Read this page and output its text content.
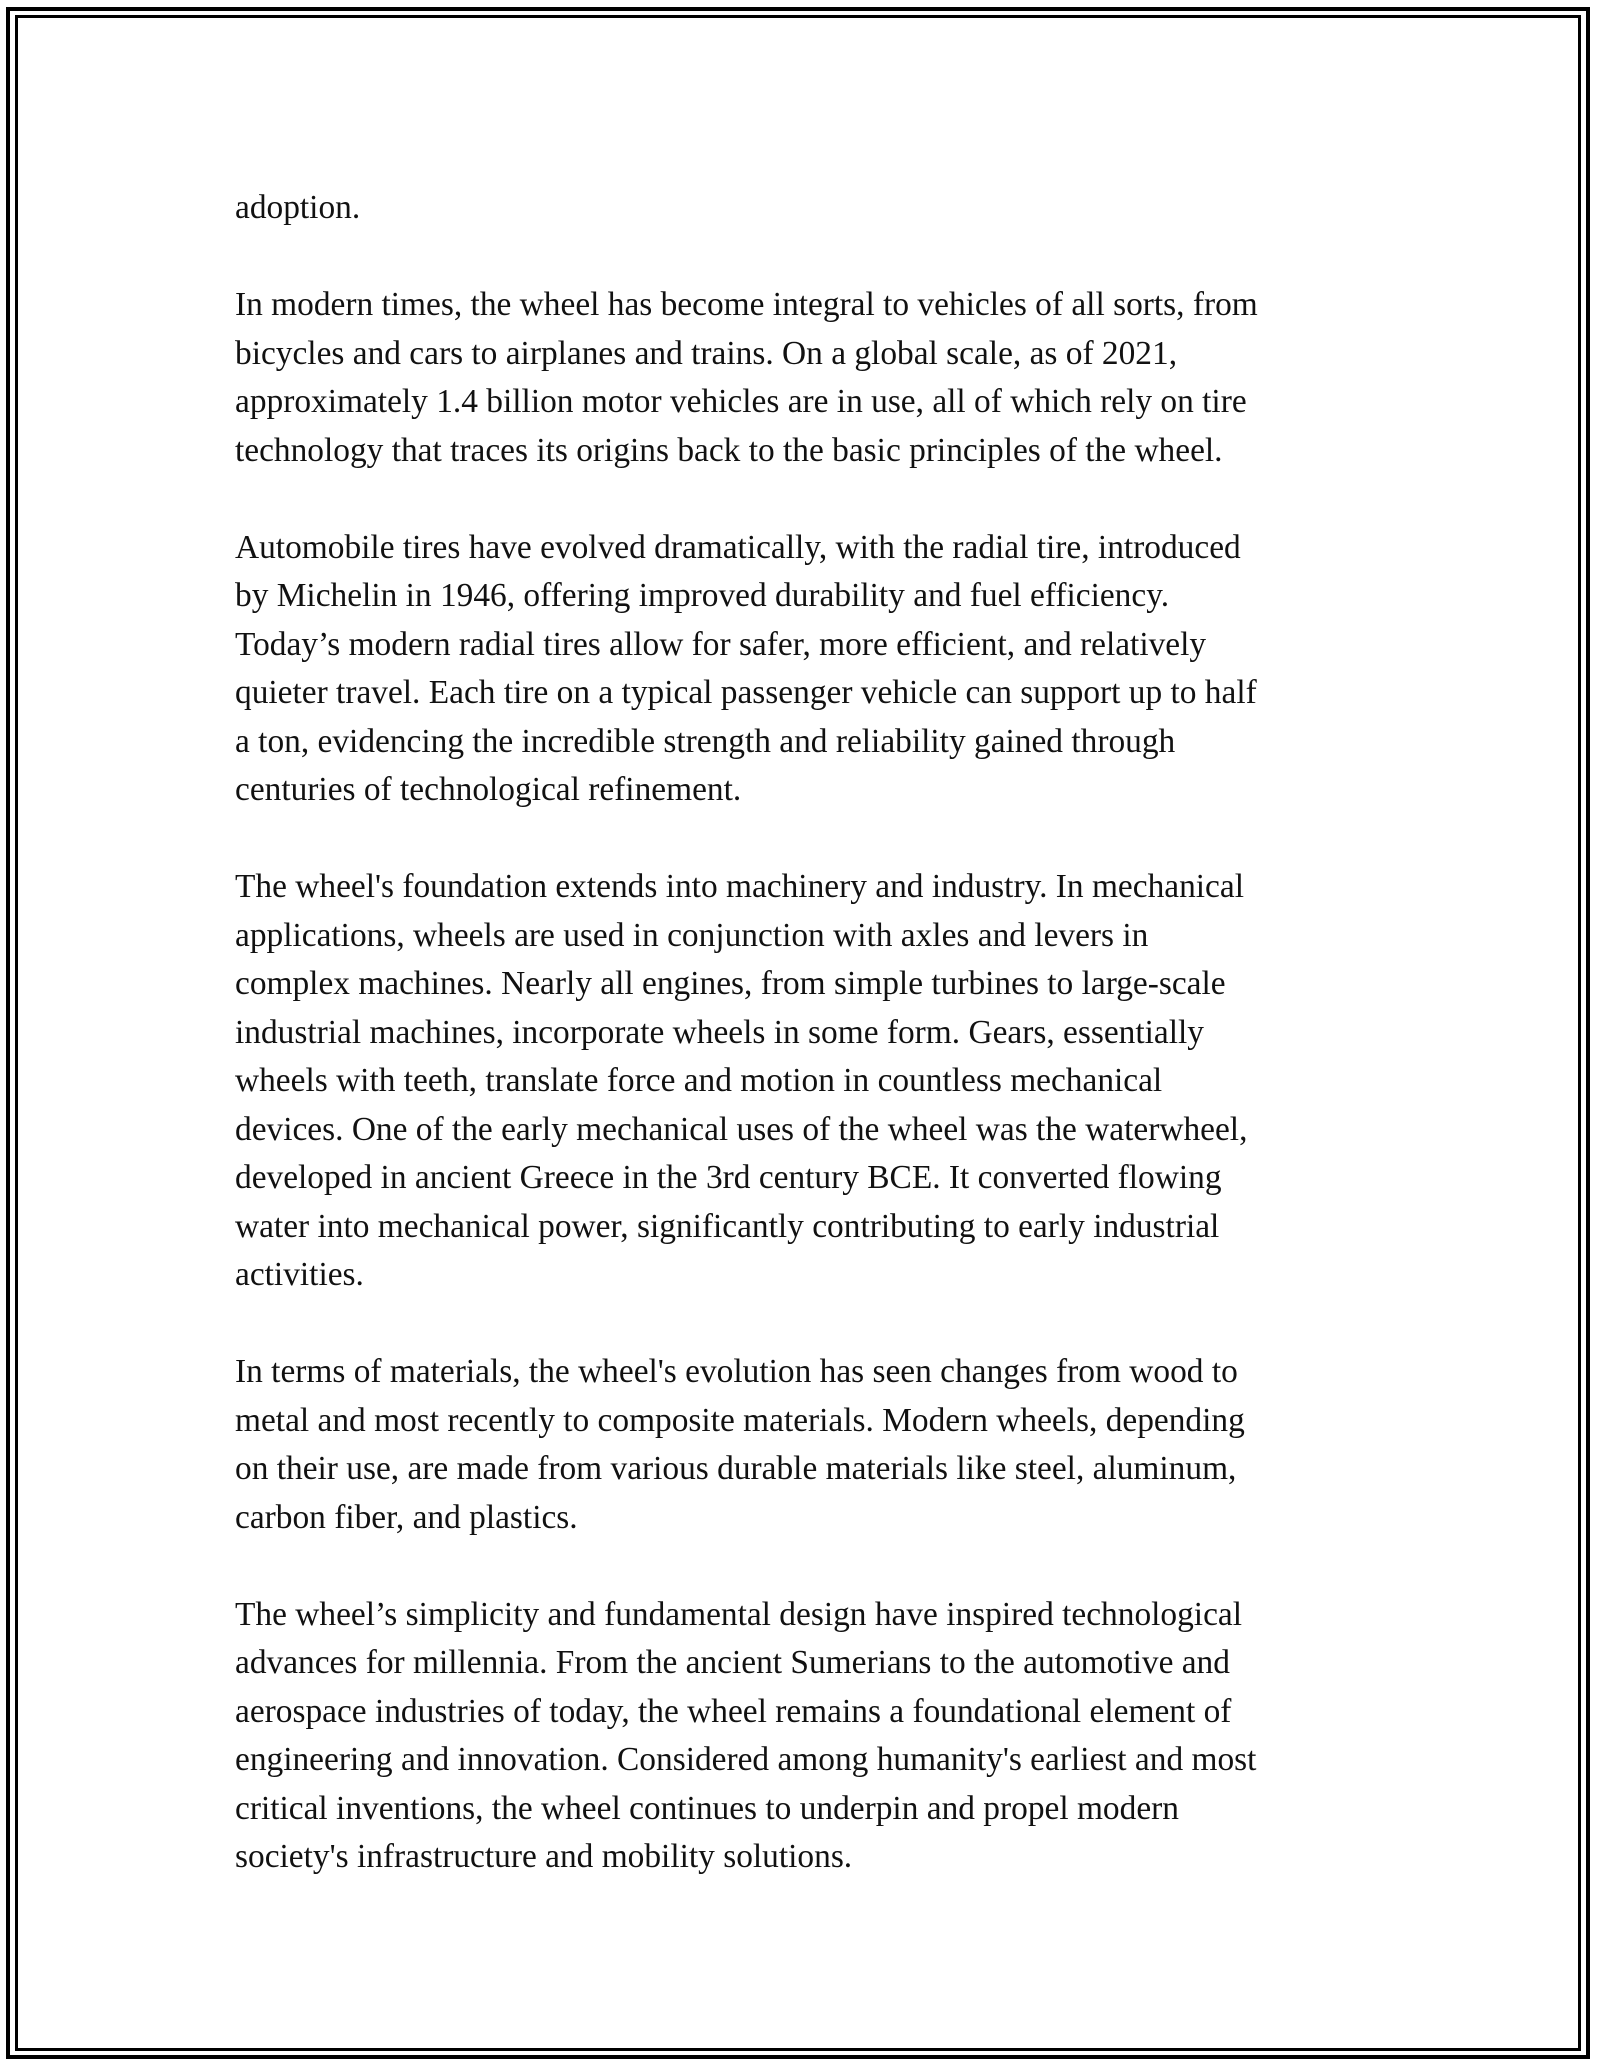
adoption.

In modern times, the wheel has become integral to vehicles of all sorts, from
bicycles and cars to airplanes and trains. On a global scale, as of 2021,
approximately 1.4 billion motor vehicles are in use, all of which rely on tire
technology that traces its origins back to the basic principles of the wheel.

Automobile tires have evolved dramatically, with the radial tire, introduced
by Michelin in 1946, offering improved durability and fuel efficiency.
Today’s modern radial tires allow for safer, more efficient, and relatively
quieter travel. Each tire on a typical passenger vehicle can support up to half
a ton, evidencing the incredible strength and reliability gained through
centuries of technological refinement.

The wheel's foundation extends into machinery and industry. In mechanical
applications, wheels are used in conjunction with axles and levers in
complex machines. Nearly all engines, from simple turbines to large-scale
industrial machines, incorporate wheels in some form. Gears, essentially
wheels with teeth, translate force and motion in countless mechanical
devices. One of the early mechanical uses of the wheel was the waterwheel,
developed in ancient Greece in the 3rd century BCE. It converted flowing
water into mechanical power, significantly contributing to early industrial
activities.

In terms of materials, the wheel's evolution has seen changes from wood to
metal and most recently to composite materials. Modern wheels, depending
on their use, are made from various durable materials like steel, aluminum,
carbon fiber, and plastics.

The wheel’s simplicity and fundamental design have inspired technological
advances for millennia. From the ancient Sumerians to the automotive and
aerospace industries of today, the wheel remains a foundational element of
engineering and innovation. Considered among humanity's earliest and most
critical inventions, the wheel continues to underpin and propel modern
society's infrastructure and mobility solutions.
